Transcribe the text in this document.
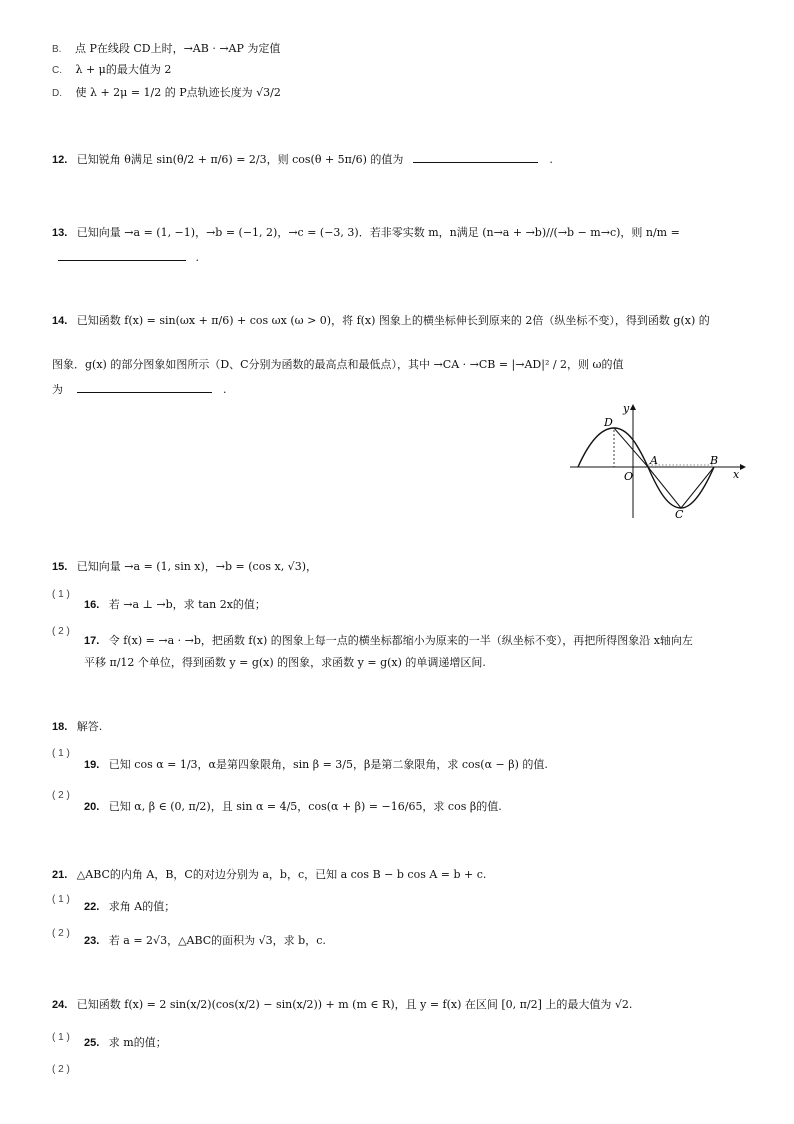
B. 点 P在线段 CD上时，→AB · →AP 为定值
C. λ + μ的最大值为 2
D. 使 λ + 2μ = 1/2 的 P点轨迹长度为 √3/2
12. 已知锐角 θ满足 sin(θ/2 + π/6) = 2/3，则 cos(θ + 5π/6) 的值为	.
13. 已知向量 →a = (1, −1)，→b = (−1, 2)，→c = (−3, 3)．若非零实数 m，n满足 (n→a + →b)//(→b − m→c)，则 n/m =
.
14. 已知函数 f(x) = sin(ωx + π/6) + cos ωx (ω > 0)，将 f(x) 图象上的横坐标伸长到原来的 2倍（纵坐标不变），得到函数 g(x) 的
图象．g(x) 的部分图象如图所示（D、C分别为函数的最高点和最低点），其中 →CA · →CB = |→AD|² / 2，则 ω的值
为	.
D
A	B
O
C
x
y
15. 已知向量 →a = (1, sin x)，→b = (cos x, √3)，
( 1 )
16. 若 →a ⊥ →b，求 tan 2x的值；
( 2 )
17. 令 f(x) = →a · →b，把函数 f(x) 的图象上每一点的横坐标都缩小为原来的一半（纵坐标不变），再把所得图象沿 x轴向左
平移 π/12 个单位，得到函数 y = g(x) 的图象，求函数 y = g(x) 的单调递增区间.
18. 解答.
( 1 )
19. 已知 cos α = 1/3，α是第四象限角，sin β = 3/5，β是第二象限角，求 cos(α − β) 的值.
( 2 )
20. 已知 α, β ∈ (0, π/2)，且 sin α = 4/5，cos(α + β) = −16/65，求 cos β的值.
21. △ABC的内角 A，B，C的对边分别为 a，b，c，已知 a cos B − b cos A = b + c.
( 1 )
22. 求角 A的值；
( 2 )
23. 若 a = 2√3，△ABC的面积为 √3，求 b，c.
24. 已知函数 f(x) = 2 sin(x/2)(cos(x/2) − sin(x/2)) + m (m ∈ R)，且 y = f(x) 在区间 [0, π/2] 上的最大值为 √2.
( 1 ) 25. 求 m的值；
( 2 )
